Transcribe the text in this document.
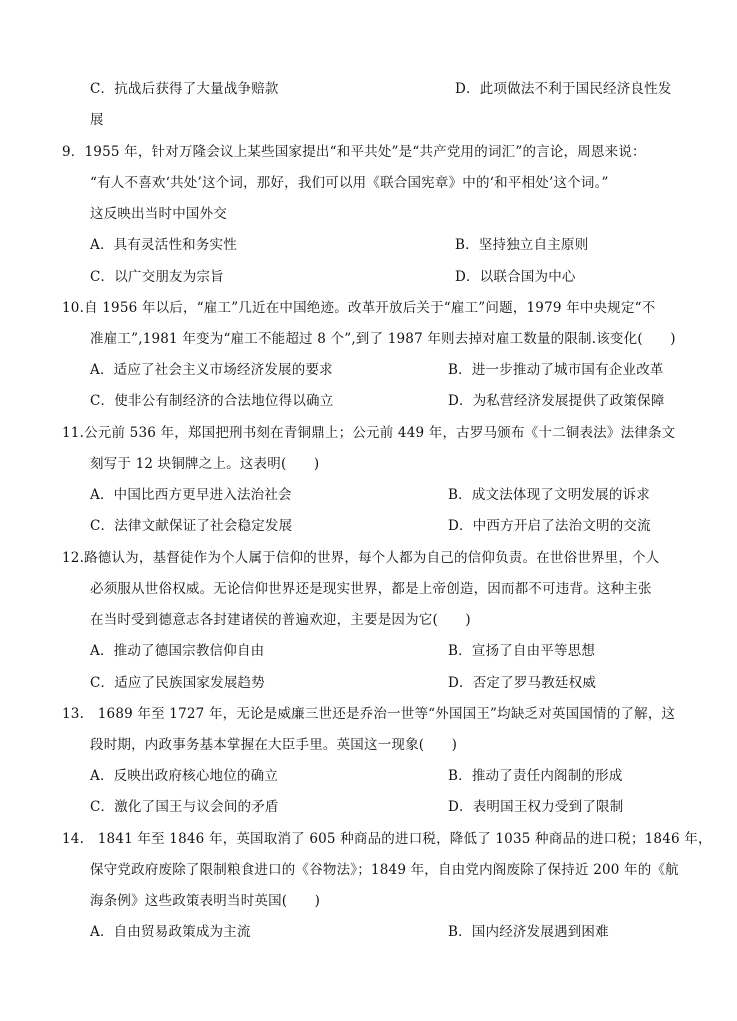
C．抗战后获得了大量战争赔款	D．此项做法不利于国民经济良性发
展
9．1955 年，针对万隆会议上某些国家提出“和平共处”是“共产党用的词汇”的言论，周恩来说：
“有人不喜欢‘共处’这个词，那好，我们可以用《联合国宪章》中的‘和平相处’这个词。”
这反映出当时中国外交
A．具有灵活性和务实性	B．坚持独立自主原则
C．以广交朋友为宗旨	D．以联合国为中心
10.自 1956 年以后，“雇工”几近在中国绝迹。改革开放后关于“雇工”问题，1979 年中央规定“不
准雇工”,1981 年变为“雇工不能超过 8 个”,到了 1987 年则去掉对雇工数量的限制.该变化(　　)
A．适应了社会主义市场经济发展的要求	B．进一步推动了城市国有企业改革
C．使非公有制经济的合法地位得以确立	D．为私营经济发展提供了政策保障
11.公元前 536 年，郑国把刑书刻在青铜鼎上；公元前 449 年，古罗马颁布《十二铜表法》法律条文
刻写于 12 块铜牌之上。这表明(　　)
A．中国比西方更早进入法治社会	B．成文法体现了文明发展的诉求
C．法律文献保证了社会稳定发展	D．中西方开启了法治文明的交流
12.路德认为，基督徒作为个人属于信仰的世界，每个人都为自己的信仰负责。在世俗世界里，个人
必须服从世俗权威。无论信仰世界还是现实世界，都是上帝创造，因而都不可违背。这种主张
在当时受到德意志各封建诸侯的普遍欢迎，主要是因为它(　　)
A．推动了德国宗教信仰自由	B．宣扬了自由平等思想
C．适应了民族国家发展趋势	D．否定了罗马教廷权威
13.　1689 年至 1727 年，无论是威廉三世还是乔治一世等“外国国王”均缺乏对英国国情的了解，这
段时期，内政事务基本掌握在大臣手里。英国这一现象(　　)
A．反映出政府核心地位的确立	B．推动了责任内阁制的形成
C．激化了国王与议会间的矛盾	D．表明国王权力受到了限制
14.　1841 年至 1846 年，英国取消了 605 种商品的进口税，降低了 1035 种商品的进口税；1846 年，
保守党政府废除了限制粮食进口的《谷物法》；1849 年，自由党内阁废除了保持近 200 年的《航
海条例》这些政策表明当时英国(　　)
A．自由贸易政策成为主流	B．国内经济发展遇到困难
